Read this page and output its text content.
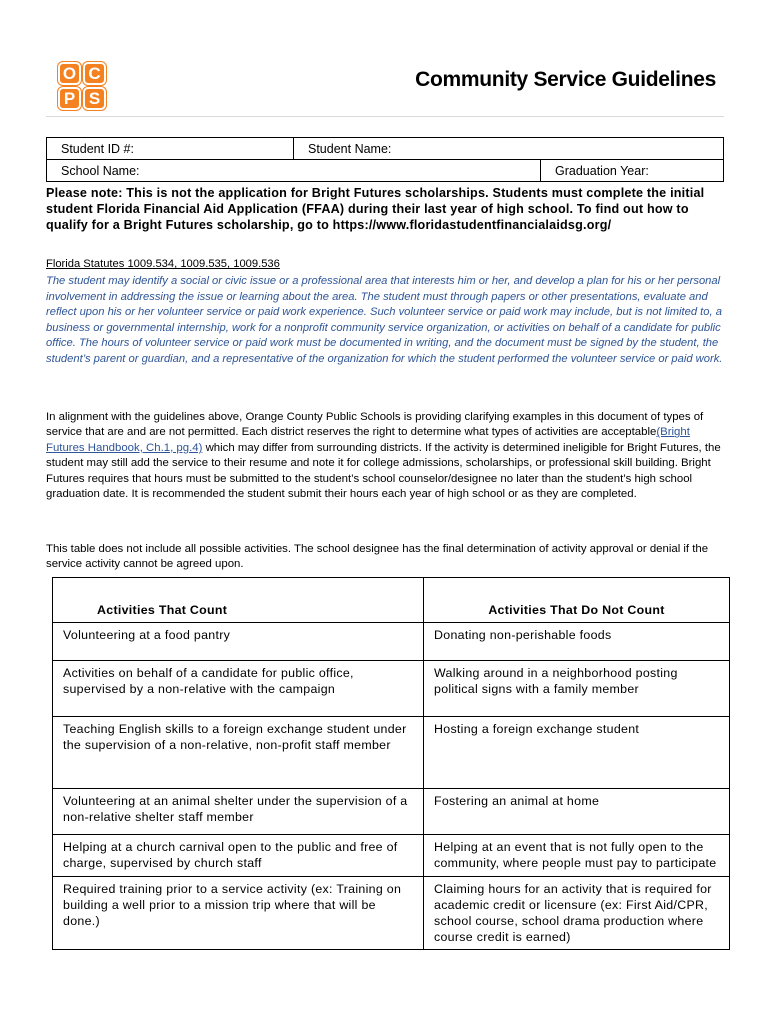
O C
P S
Community Service Guidelines
Student ID #:	Student Name:	
School Name:		Graduation Year:
Please note: This is not the application for Bright Futures scholarships. Students must complete the initial student Florida Financial Aid Application (FFAA) during their last year of high school. To find out how to qualify for a Bright Futures scholarship, go to https://www.floridastudentfinancialaidsg.org/
Florida Statutes 1009.534, 1009.535, 1009.536
The student may identify a social or civic issue or a professional area that interests him or her, and develop a plan for his or her personal involvement in addressing the issue or learning about the area. The student must through papers or other presentations, evaluate and reflect upon his or her volunteer service or paid work experience. Such volunteer service or paid work may include, but is not limited to, a business or governmental internship, work for a nonprofit community service organization, or activities on behalf of a candidate for public office. The hours of volunteer service or paid work must be documented in writing, and the document must be signed by the student, the student’s parent or guardian, and a representative of the organization for which the student performed the volunteer service or paid work.
In alignment with the guidelines above, Orange County Public Schools is providing clarifying examples in this document of types of service that are and are not permitted. Each district reserves the right to determine what types of activities are acceptable(Bright Futures Handbook, Ch.1, pg.4) which may differ from surrounding districts. If the activity is determined ineligible for Bright Futures, the student may still add the service to their resume and note it for college admissions, scholarships, or professional skill building. Bright Futures requires that hours must be submitted to the student’s school counselor/designee no later than the student’s high school graduation date. It is recommended the student submit their hours each year of high school or as they are completed.
This table does not include all possible activities. The school designee has the final determination of activity approval or denial if the service activity cannot be agreed upon.
Activities That Count	Activities That Do Not Count
Volunteering at a food pantry	Donating non-perishable foods
Activities on behalf of a candidate for public office, supervised by a non-relative with the campaign	Walking around in a neighborhood posting political signs with a family member
Teaching English skills to a foreign exchange student under the supervision of a non-relative, non-profit staff member	Hosting a foreign exchange student
Volunteering at an animal shelter under the supervision of a non-relative shelter staff member	Fostering an animal at home
Helping at a church carnival open to the public and free of charge, supervised by church staff	Helping at an event that is not fully open to the community, where people must pay to participate
Required training prior to a service activity (ex: Training on building a well prior to a mission trip where that will be done.)	Claiming hours for an activity that is required for academic credit or licensure (ex: First Aid/CPR, school course, school drama production where course credit is earned)
